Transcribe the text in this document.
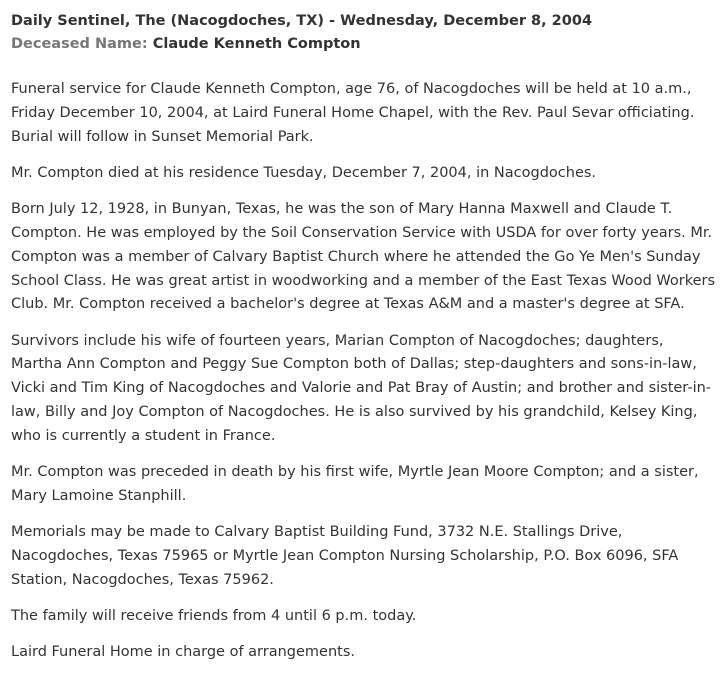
Daily Sentinel, The (Nacogdoches, TX) - Wednesday, December 8, 2004
Deceased Name: Claude Kenneth Compton

Funeral service for Claude Kenneth Compton, age 76, of Nacogdoches will be held at 10 a.m., Friday December 10, 2004, at Laird Funeral Home Chapel, with the Rev. Paul Sevar officiating. Burial will follow in Sunset Memorial Park.

Mr. Compton died at his residence Tuesday, December 7, 2004, in Nacogdoches.

Born July 12, 1928, in Bunyan, Texas, he was the son of Mary Hanna Maxwell and Claude T. Compton. He was employed by the Soil Conservation Service with USDA for over forty years. Mr. Compton was a member of Calvary Baptist Church where he attended the Go Ye Men's Sunday School Class. He was great artist in woodworking and a member of the East Texas Wood Workers Club. Mr. Compton received a bachelor's degree at Texas A&M and a master's degree at SFA.

Survivors include his wife of fourteen years, Marian Compton of Nacogdoches; daughters, Martha Ann Compton and Peggy Sue Compton both of Dallas; step-daughters and sons-in-law, Vicki and Tim King of Nacogdoches and Valorie and Pat Bray of Austin; and brother and sister-in-law, Billy and Joy Compton of Nacogdoches. He is also survived by his grandchild, Kelsey King, who is currently a student in France.

Mr. Compton was preceded in death by his first wife, Myrtle Jean Moore Compton; and a sister, Mary Lamoine Stanphill.

Memorials may be made to Calvary Baptist Building Fund, 3732 N.E. Stallings Drive, Nacogdoches, Texas 75965 or Myrtle Jean Compton Nursing Scholarship, P.O. Box 6096, SFA Station, Nacogdoches, Texas 75962.

The family will receive friends from 4 until 6 p.m. today.

Laird Funeral Home in charge of arrangements.
